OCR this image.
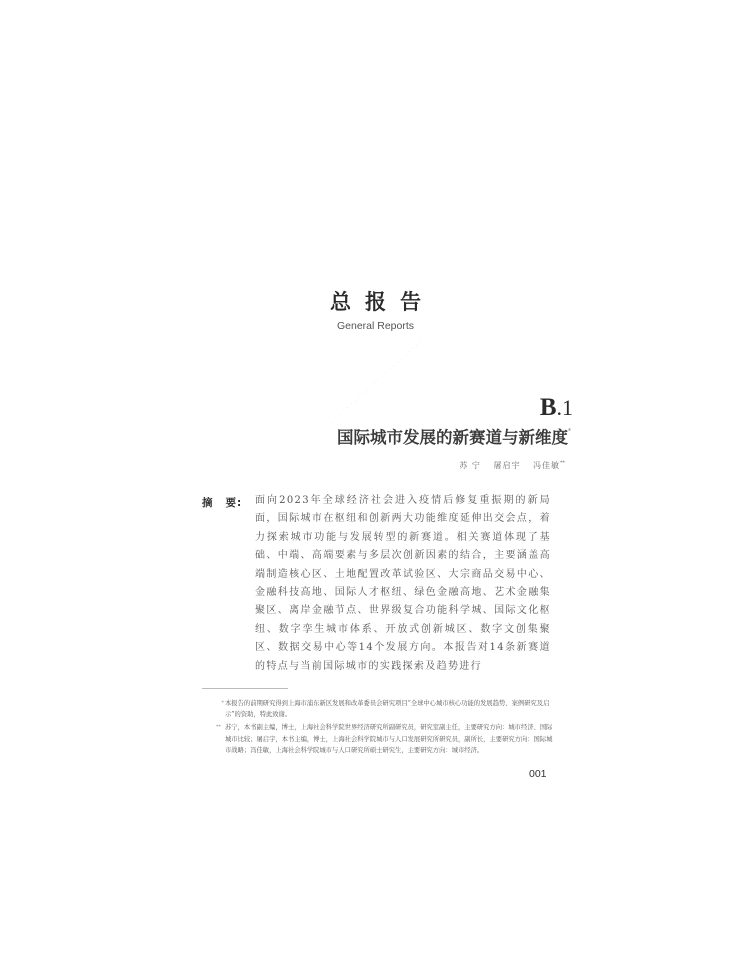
总报告
General Reports
· · · · · · · · · · · · · · · · · · · · · · · ·	B.1
国际城市发展的新赛道与新维度*
苏 宁 屠启宇 冯佳敏**
摘 要: 面向2023年全球经济社会进入疫情后修复重振期的新局面，国际城市在枢纽和创新两大功能维度延伸出交会点，着力探索城市功能与发展转型的新赛道。相关赛道体现了基础、中端、高端要素与多层次创新因素的结合，主要涵盖高端制造核心区、土地配置改革试验区、大宗商品交易中心、金融科技高地、国际人才枢纽、绿色金融高地、艺术金融集聚区、离岸金融节点、世界级复合功能科学城、国际文化枢纽、数字孪生城市体系、开放式创新城区、数字文创集聚区、数据交易中心等14个发展方向。本报告对14条新赛道的特点与当前国际城市的实践探索及趋势进行
* 本报告的前期研究得到上海市浦东新区发展和改革委员会研究项目“全球中心城市核心功能的发展趋势、案例研究及启示”的资助，特此致谢。
** 苏宁，本书副主编，博士，上海社会科学院世界经济研究所副研究员，研究室副主任，主要研究方向：城市经济、国际城市比较；屠启宇，本书主编，博士，上海社会科学院城市与人口发展研究所研究员，副所长，主要研究方向：国际城市战略；冯佳敏，上海社会科学院城市与人口研究所硕士研究生，主要研究方向：城市经济。
001
